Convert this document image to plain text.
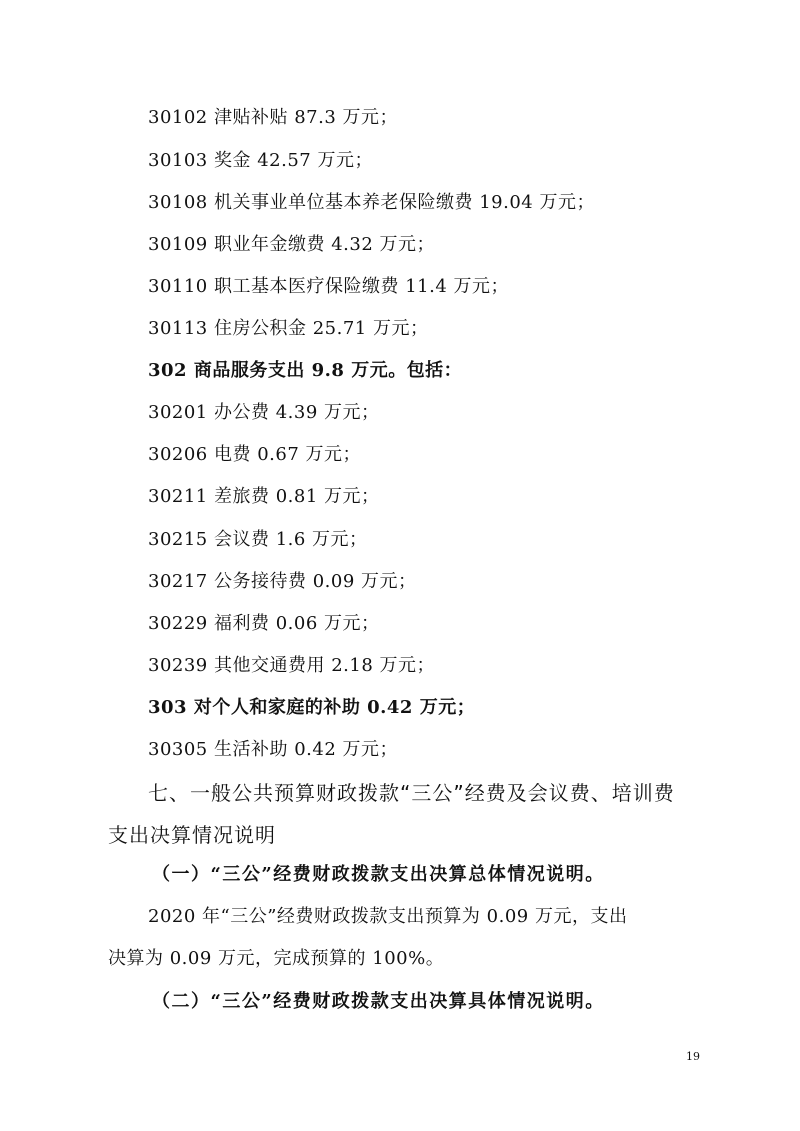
30102 津贴补贴 87.3 万元；
30103 奖金 42.57 万元；
30108 机关事业单位基本养老保险缴费 19.04 万元；
30109 职业年金缴费 4.32 万元；
30110 职工基本医疗保险缴费 11.4 万元；
30113 住房公积金 25.71 万元；
302 商品服务支出 9.8 万元。包括：
30201 办公费 4.39 万元；
30206 电费 0.67 万元；
30211 差旅费 0.81 万元；
30215 会议费 1.6 万元；
30217 公务接待费 0.09 万元；
30229 福利费 0.06 万元；
30239 其他交通费用 2.18 万元；
303 对个人和家庭的补助 0.42 万元；
30305 生活补助 0.42 万元；
七、一般公共预算财政拨款“三公”经费及会议费、培训费
支出决算情况说明
（一）“三公”经费财政拨款支出决算总体情况说明。
2020 年“三公”经费财政拨款支出预算为 0.09 万元，支出
决算为 0.09 万元，完成预算的 100%。
（二）“三公”经费财政拨款支出决算具体情况说明。
19
